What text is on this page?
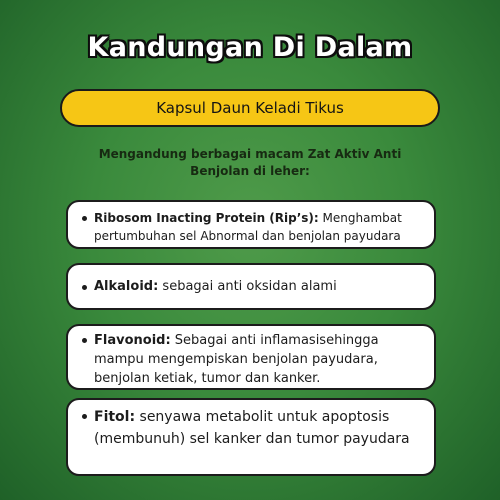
Kandungan Di Dalam
Kapsul Daun Keladi Tikus
Mengandung berbagai macam Zat Aktiv Anti Benjolan di leher:
Ribosom Inacting Protein (Rip’s): Menghambat pertumbuhan sel Abnormal dan benjolan payudara
Alkaloid: sebagai anti oksidan alami
Flavonoid: Sebagai anti inflamasisehingga mampu mengempiskan benjolan payudara, benjolan ketiak, tumor dan kanker.
Fitol: senyawa metabolit untuk apoptosis (membunuh) sel kanker dan tumor payudara
